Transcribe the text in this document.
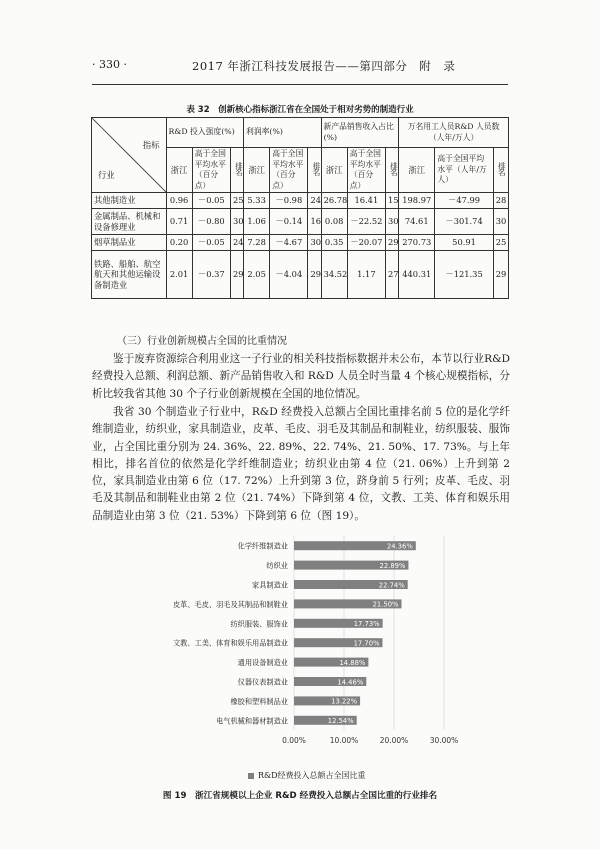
· 330 ·	2017 年浙江科技发展报告——第四部分　附　录
表 32　创新核心指标浙江省在全国处于相对劣势的制造行业
指标
行业	R&D 投入强度(%)			利润率(%)			新产品销售收入占比(%)			万名用工人员R&D 人员数（人年/万人）		
	浙江	高于全国平均水平（百分点）	排名	浙江	高于全国平均水平（百分点）	排名	浙江	高于全国平均水平（百分点）	排名	浙江	高于全国平均水平（人年/万人）	排名
其他制造业	0.96	－0.05	25	5.33	－0.98	24	26.78	16.41	15	198.97	－47.99	28
金属制品、机械和设备修理业	0.71	－0.80	30	1.06	－0.14	16	0.08	－22.52	30	74.61	－301.74	30
烟草制品业	0.20	－0.05	24	7.28	－4.67	30	0.35	－20.07	29	270.73	50.91	25
铁路、船舶、航空航天和其他运输设备制造业	2.01	－0.37	29	2.05	－4.04	29	34.52	1.17	27	440.31	－121.35	29
（三）行业创新规模占全国的比重情况
鉴于废弃资源综合利用业这一子行业的相关科技指标数据并未公布，本节以行业R&D 经费投入总额、利润总额、新产品销售收入和 R&D 人员全时当量 4 个核心规模指标，分析比较我省其他 30 个子行业创新规模在全国的地位情况。
我省 30 个制造业子行业中，R&D 经费投入总额占全国比重排名前 5 位的是化学纤维制造业，纺织业，家具制造业，皮革、毛皮、羽毛及其制品和制鞋业，纺织服装、服饰业，占全国比重分别为 24. 36%、22. 89%、22. 74%、21. 50%、17. 73%。与上年相比，排名首位的依然是化学纤维制造业；纺织业由第 4 位（21. 06%）上升到第 2 位，家具制造业由第 6 位（17. 72%）上升到第 3 位，跻身前 5 行列；皮革、毛皮、羽毛及其制品和制鞋业由第 2 位（21. 74%）下降到第 4 位，文教、工美、体育和娱乐用品制造业由第 3 位（21. 53%）下降到第 6 位（图 19）。
0.00%	10.00%	20.00%	30.00%
化学纤维制造业	24.36%
纺织业	22.89%
家具制造业	22.74%
皮革、毛皮、羽毛及其制品和制鞋业	21.50%
纺织服装、服饰业	17.73%
文教、工美、体育和娱乐用品制造业	17.70%
通用设备制造业	14.88%
仪器仪表制造业	14.46%
橡胶和塑料制品业	13.22%
电气机械和器材制造业	12.54%
R&D经费投入总额占全国比重
图 19　浙江省规模以上企业 R&D 经费投入总额占全国比重的行业排名
